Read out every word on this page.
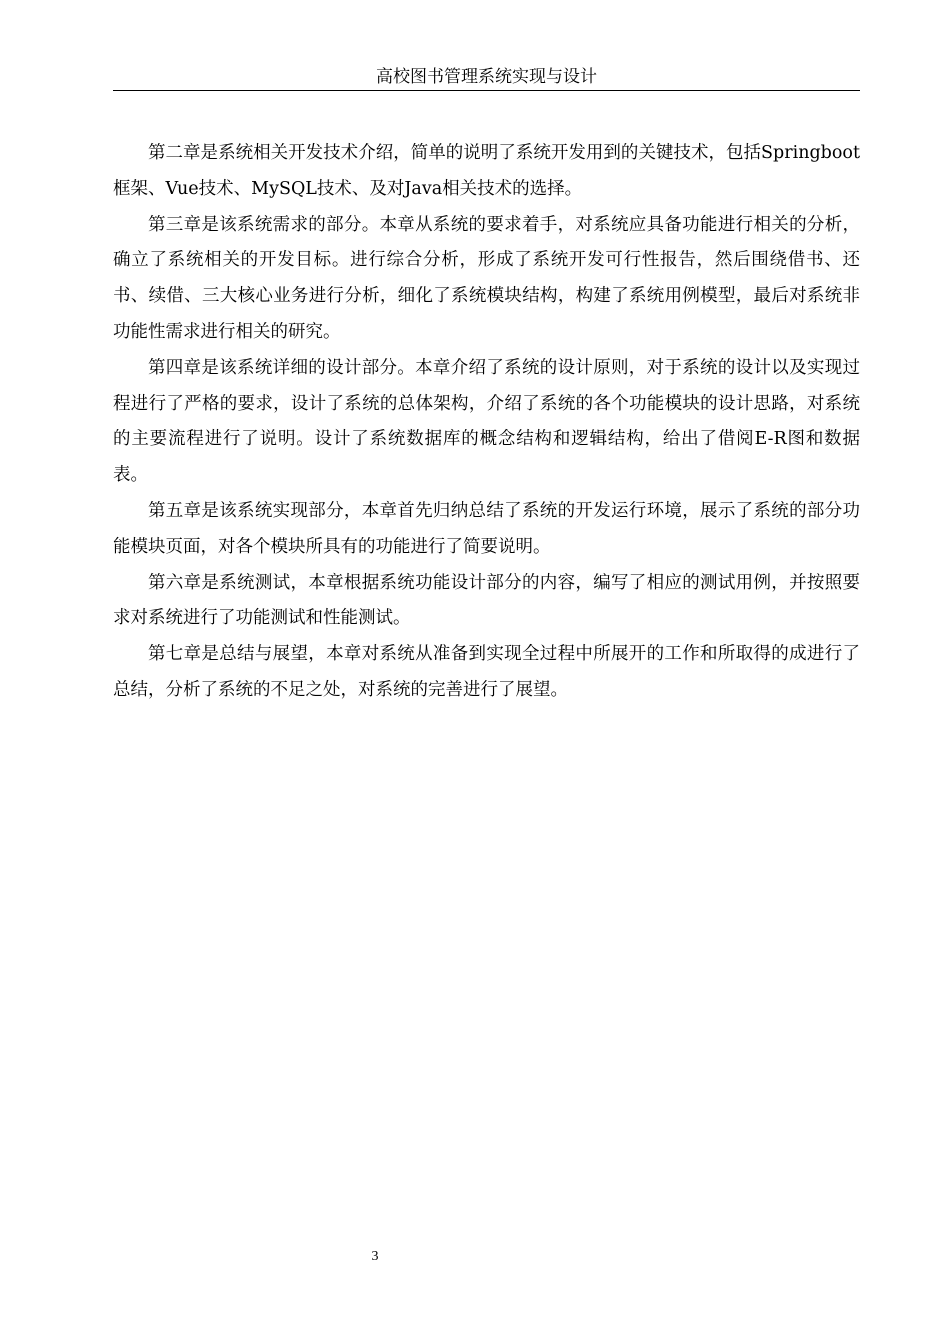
高校图书管理系统实现与设计

第二章是系统相关开发技术介绍，简单的说明了系统开发用到的关键技术，包括Springboot框架、Vue技术、MySQL技术、及对Java相关技术的选择。

第三章是该系统需求的部分。本章从系统的要求着手，对系统应具备功能进行相关的分析，确立了系统相关的开发目标。进行综合分析，形成了系统开发可行性报告，然后围绕借书、还书、续借、三大核心业务进行分析，细化了系统模块结构，构建了系统用例模型，最后对系统非功能性需求进行相关的研究。

第四章是该系统详细的设计部分。本章介绍了系统的设计原则，对于系统的设计以及实现过程进行了严格的要求，设计了系统的总体架构，介绍了系统的各个功能模块的设计思路，对系统的主要流程进行了说明。设计了系统数据库的概念结构和逻辑结构，给出了借阅E-R图和数据表。

第五章是该系统实现部分，本章首先归纳总结了系统的开发运行环境，展示了系统的部分功能模块页面，对各个模块所具有的功能进行了简要说明。

第六章是系统测试，本章根据系统功能设计部分的内容，编写了相应的测试用例，并按照要求对系统进行了功能测试和性能测试。

第七章是总结与展望，本章对系统从准备到实现全过程中所展开的工作和所取得的成进行了总结，分析了系统的不足之处，对系统的完善进行了展望。

3
